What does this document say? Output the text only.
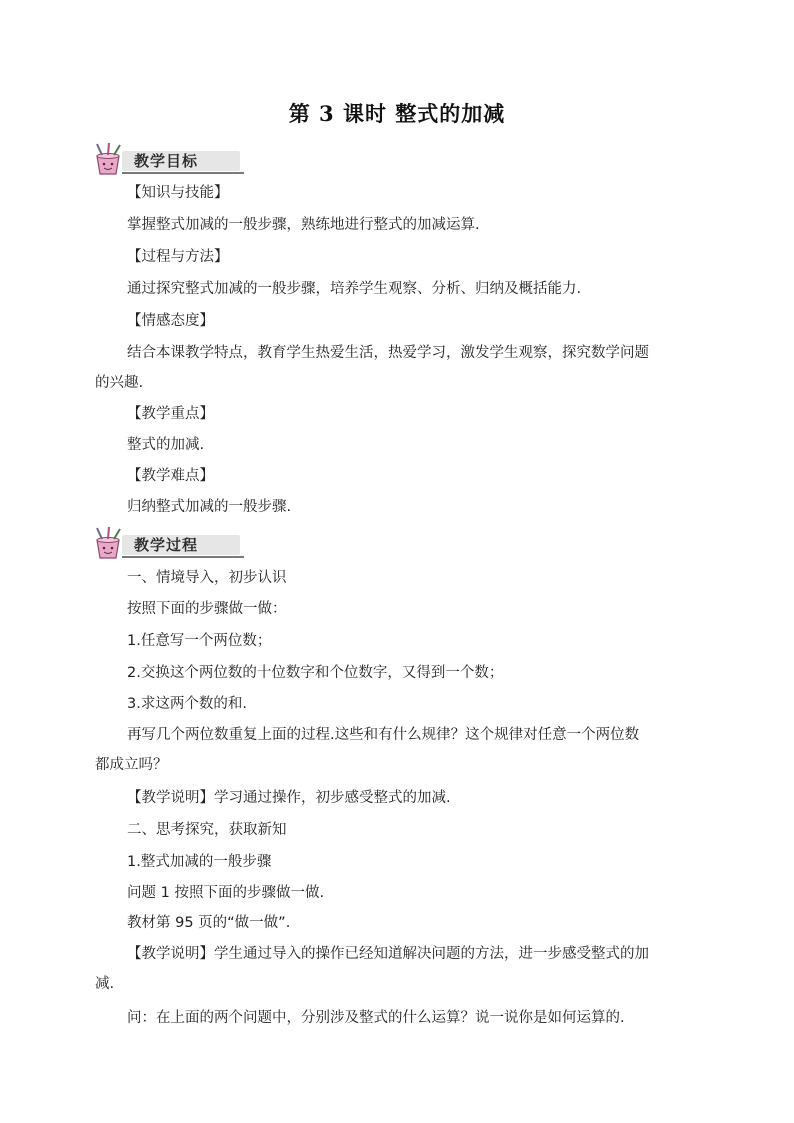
第 3 课时 整式的加减
教学目标
【知识与技能】
掌握整式加减的一般步骤，熟练地进行整式的加减运算.
【过程与方法】
通过探究整式加减的一般步骤，培养学生观察、分析、归纳及概括能力.
【情感态度】
结合本课教学特点，教育学生热爱生活，热爱学习，激发学生观察，探究数学问题
的兴趣.
【教学重点】
整式的加减.
【教学难点】
归纳整式加减的一般步骤.
教学过程
一、情境导入，初步认识
按照下面的步骤做一做：
1.任意写一个两位数；
2.交换这个两位数的十位数字和个位数字，又得到一个数；
3.求这两个数的和.
再写几个两位数重复上面的过程.这些和有什么规律？这个规律对任意一个两位数
都成立吗？
【教学说明】学习通过操作，初步感受整式的加减.
二、思考探究，获取新知
1.整式加减的一般步骤
问题 1 按照下面的步骤做一做.
教材第 95 页的“做一做”.
【教学说明】学生通过导入的操作已经知道解决问题的方法，进一步感受整式的加
减.
问：在上面的两个问题中，分别涉及整式的什么运算？说一说你是如何运算的.
